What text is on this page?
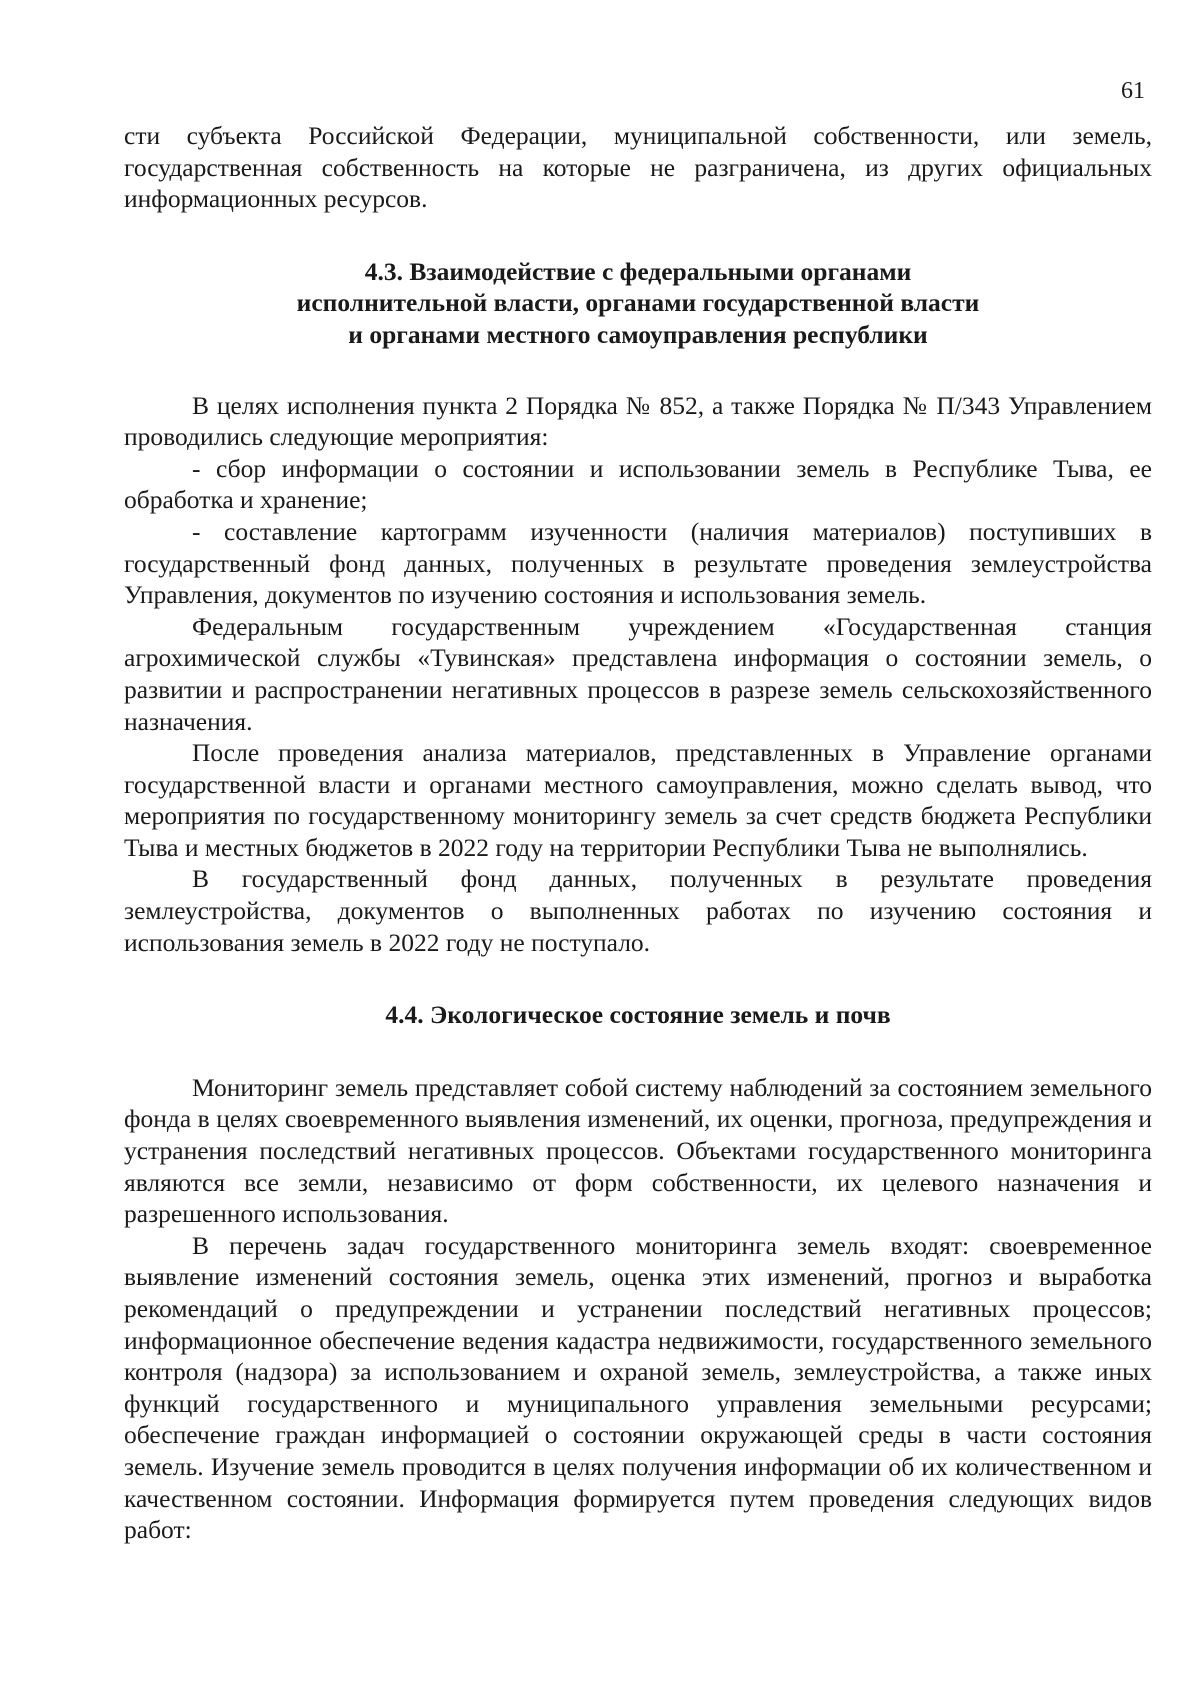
61

сти субъекта Российской Федерации, муниципальной собственности, или земель, государственная собственность на которые не разграничена, из других официальных информационных ресурсов.

4.3. Взаимодействие с федеральными органами
исполнительной власти, органами государственной власти
и органами местного самоуправления республики

В целях исполнения пункта 2 Порядка № 852, а также Порядка № П/343 Управлением проводились следующие мероприятия:

- сбор информации о состоянии и использовании земель в Республике Тыва, ее обработка и хранение;

- составление картограмм изученности (наличия материалов) поступивших в государственный фонд данных, полученных в результате проведения землеустройства Управления, документов по изучению состояния и использования земель.

Федеральным государственным учреждением «Государственная станция агрохимической службы «Тувинская» представлена информация о состоянии земель, о развитии и распространении негативных процессов в разрезе земель сельскохозяйственного назначения.

После проведения анализа материалов, представленных в Управление органами государственной власти и органами местного самоуправления, можно сделать вывод, что мероприятия по государственному мониторингу земель за счет средств бюджета Республики Тыва и местных бюджетов в 2022 году на территории Республики Тыва не выполнялись.

В государственный фонд данных, полученных в результате проведения землеустройства, документов о выполненных работах по изучению состояния и использования земель в 2022 году не поступало.

4.4. Экологическое состояние земель и почв

Мониторинг земель представляет собой систему наблюдений за состоянием земельного фонда в целях своевременного выявления изменений, их оценки, прогноза, предупреждения и устранения последствий негативных процессов. Объектами государственного мониторинга являются все земли, независимо от форм собственности, их целевого назначения и разрешенного использования.

В перечень задач государственного мониторинга земель входят: своевременное выявление изменений состояния земель, оценка этих изменений, прогноз и выработка рекомендаций о предупреждении и устранении последствий негативных процессов; информационное обеспечение ведения кадастра недвижимости, государственного земельного контроля (надзора) за использованием и охраной земель, землеустройства, а также иных функций государственного и муниципального управления земельными ресурсами; обеспечение граждан информацией о состоянии окружающей среды в части состояния земель. Изучение земель проводится в целях получения информации об их количественном и качественном состоянии. Информация формируется путем проведения следующих видов работ:
